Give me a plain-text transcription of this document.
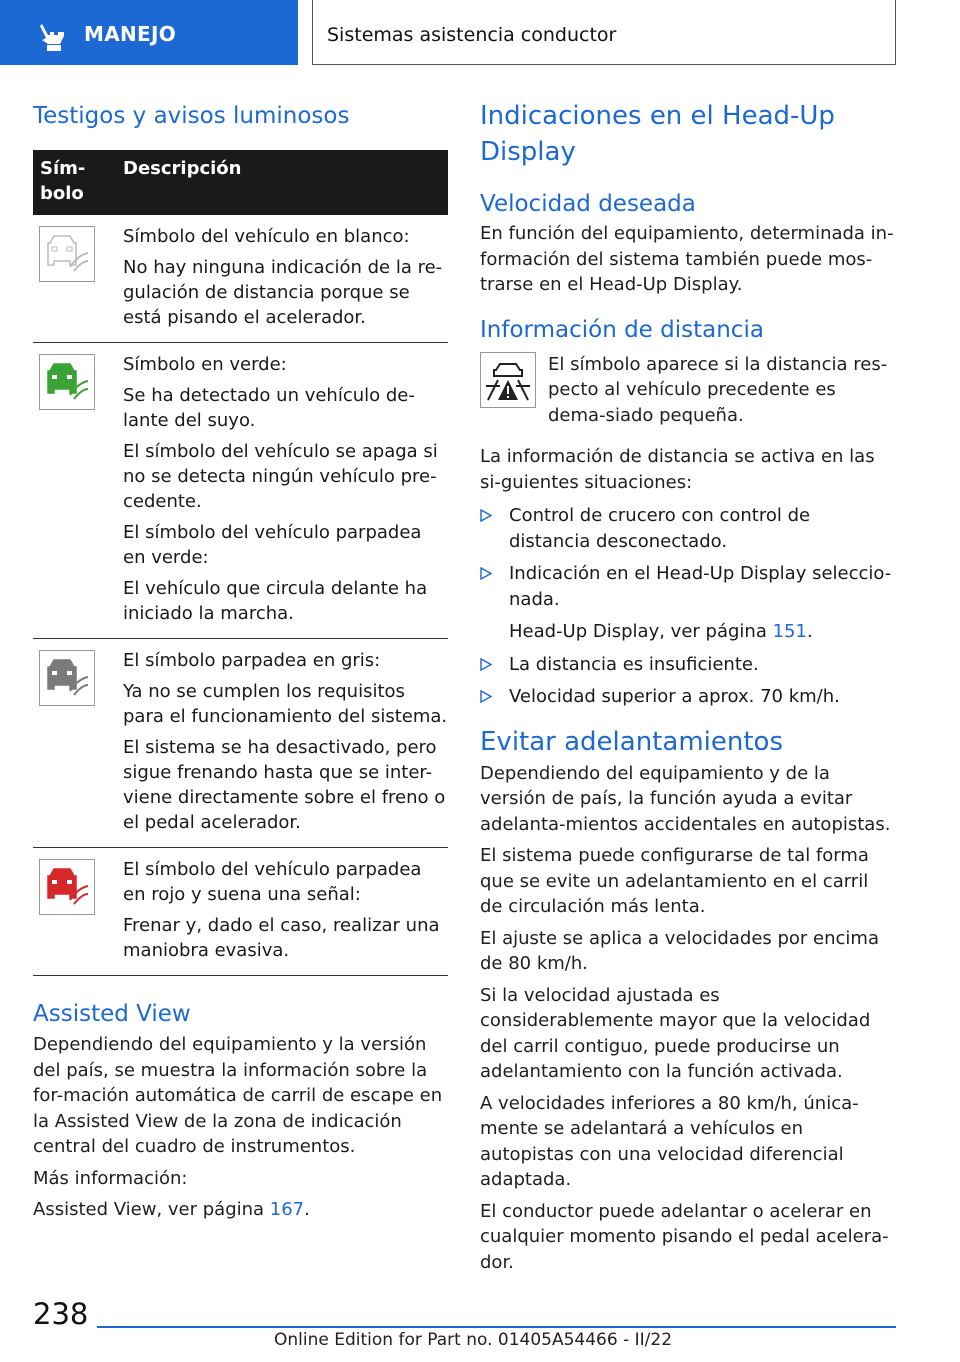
MANEJO	Sistemas asistencia conductor
Testigos y avisos luminosos
Sím-
bolo
Descripción

Símbolo del vehículo en blanco:

No hay ninguna indicación de la re-gulación de distancia porque se está pisando el acelerador.

Símbolo en verde:

Se ha detectado un vehículo de-lante del suyo.

El símbolo del vehículo se apaga si no se detecta ningún vehículo pre-cedente.

El símbolo del vehículo parpadea en verde:

El vehículo que circula delante ha iniciado la marcha.

El símbolo parpadea en gris:

Ya no se cumplen los requisitos para el funcionamiento del sistema.

El sistema se ha desactivado, pero sigue frenando hasta que se inter-viene directamente sobre el freno o el pedal acelerador.

El símbolo del vehículo parpadea en rojo y suena una señal:

Frenar y, dado el caso, realizar una maniobra evasiva.

Assisted View

Dependiendo del equipamiento y la versión del país, se muestra la información sobre la for-mación automática de carril de escape en la Assisted View de la zona de indicación central del cuadro de instrumentos.

Más información:

Assisted View, ver página 167.

Indicaciones en el Head-Up Display
Velocidad deseada

En función del equipamiento, determinada in-formación del sistema también puede mos-trarse en el Head-Up Display.

Información de distancia

El símbolo aparece si la distancia res-pecto al vehículo precedente es dema-siado pequeña.

La información de distancia se activa en las si-guientes situaciones:

Control de crucero con control de distancia desconectado.
Indicación en el Head-Up Display seleccio-nada.

Head-Up Display, ver página 151.

La distancia es insuficiente.
Velocidad superior a aprox. 70 km/h.
Evitar adelantamientos

Dependiendo del equipamiento y de la versión de país, la función ayuda a evitar adelanta-mientos accidentales en autopistas.

El sistema puede configurarse de tal forma que se evite un adelantamiento en el carril de circulación más lenta.

El ajuste se aplica a velocidades por encima de 80 km/h.

Si la velocidad ajustada es considerablemente mayor que la velocidad del carril contiguo, puede producirse un adelantamiento con la función activada.

A velocidades inferiores a 80 km/h, única-mente se adelantará a vehículos en autopistas con una velocidad diferencial adaptada.

El conductor puede adelantar o acelerar en cualquier momento pisando el pedal acelera-dor.

238
Online Edition for Part no. 01405A54466 - II/22
